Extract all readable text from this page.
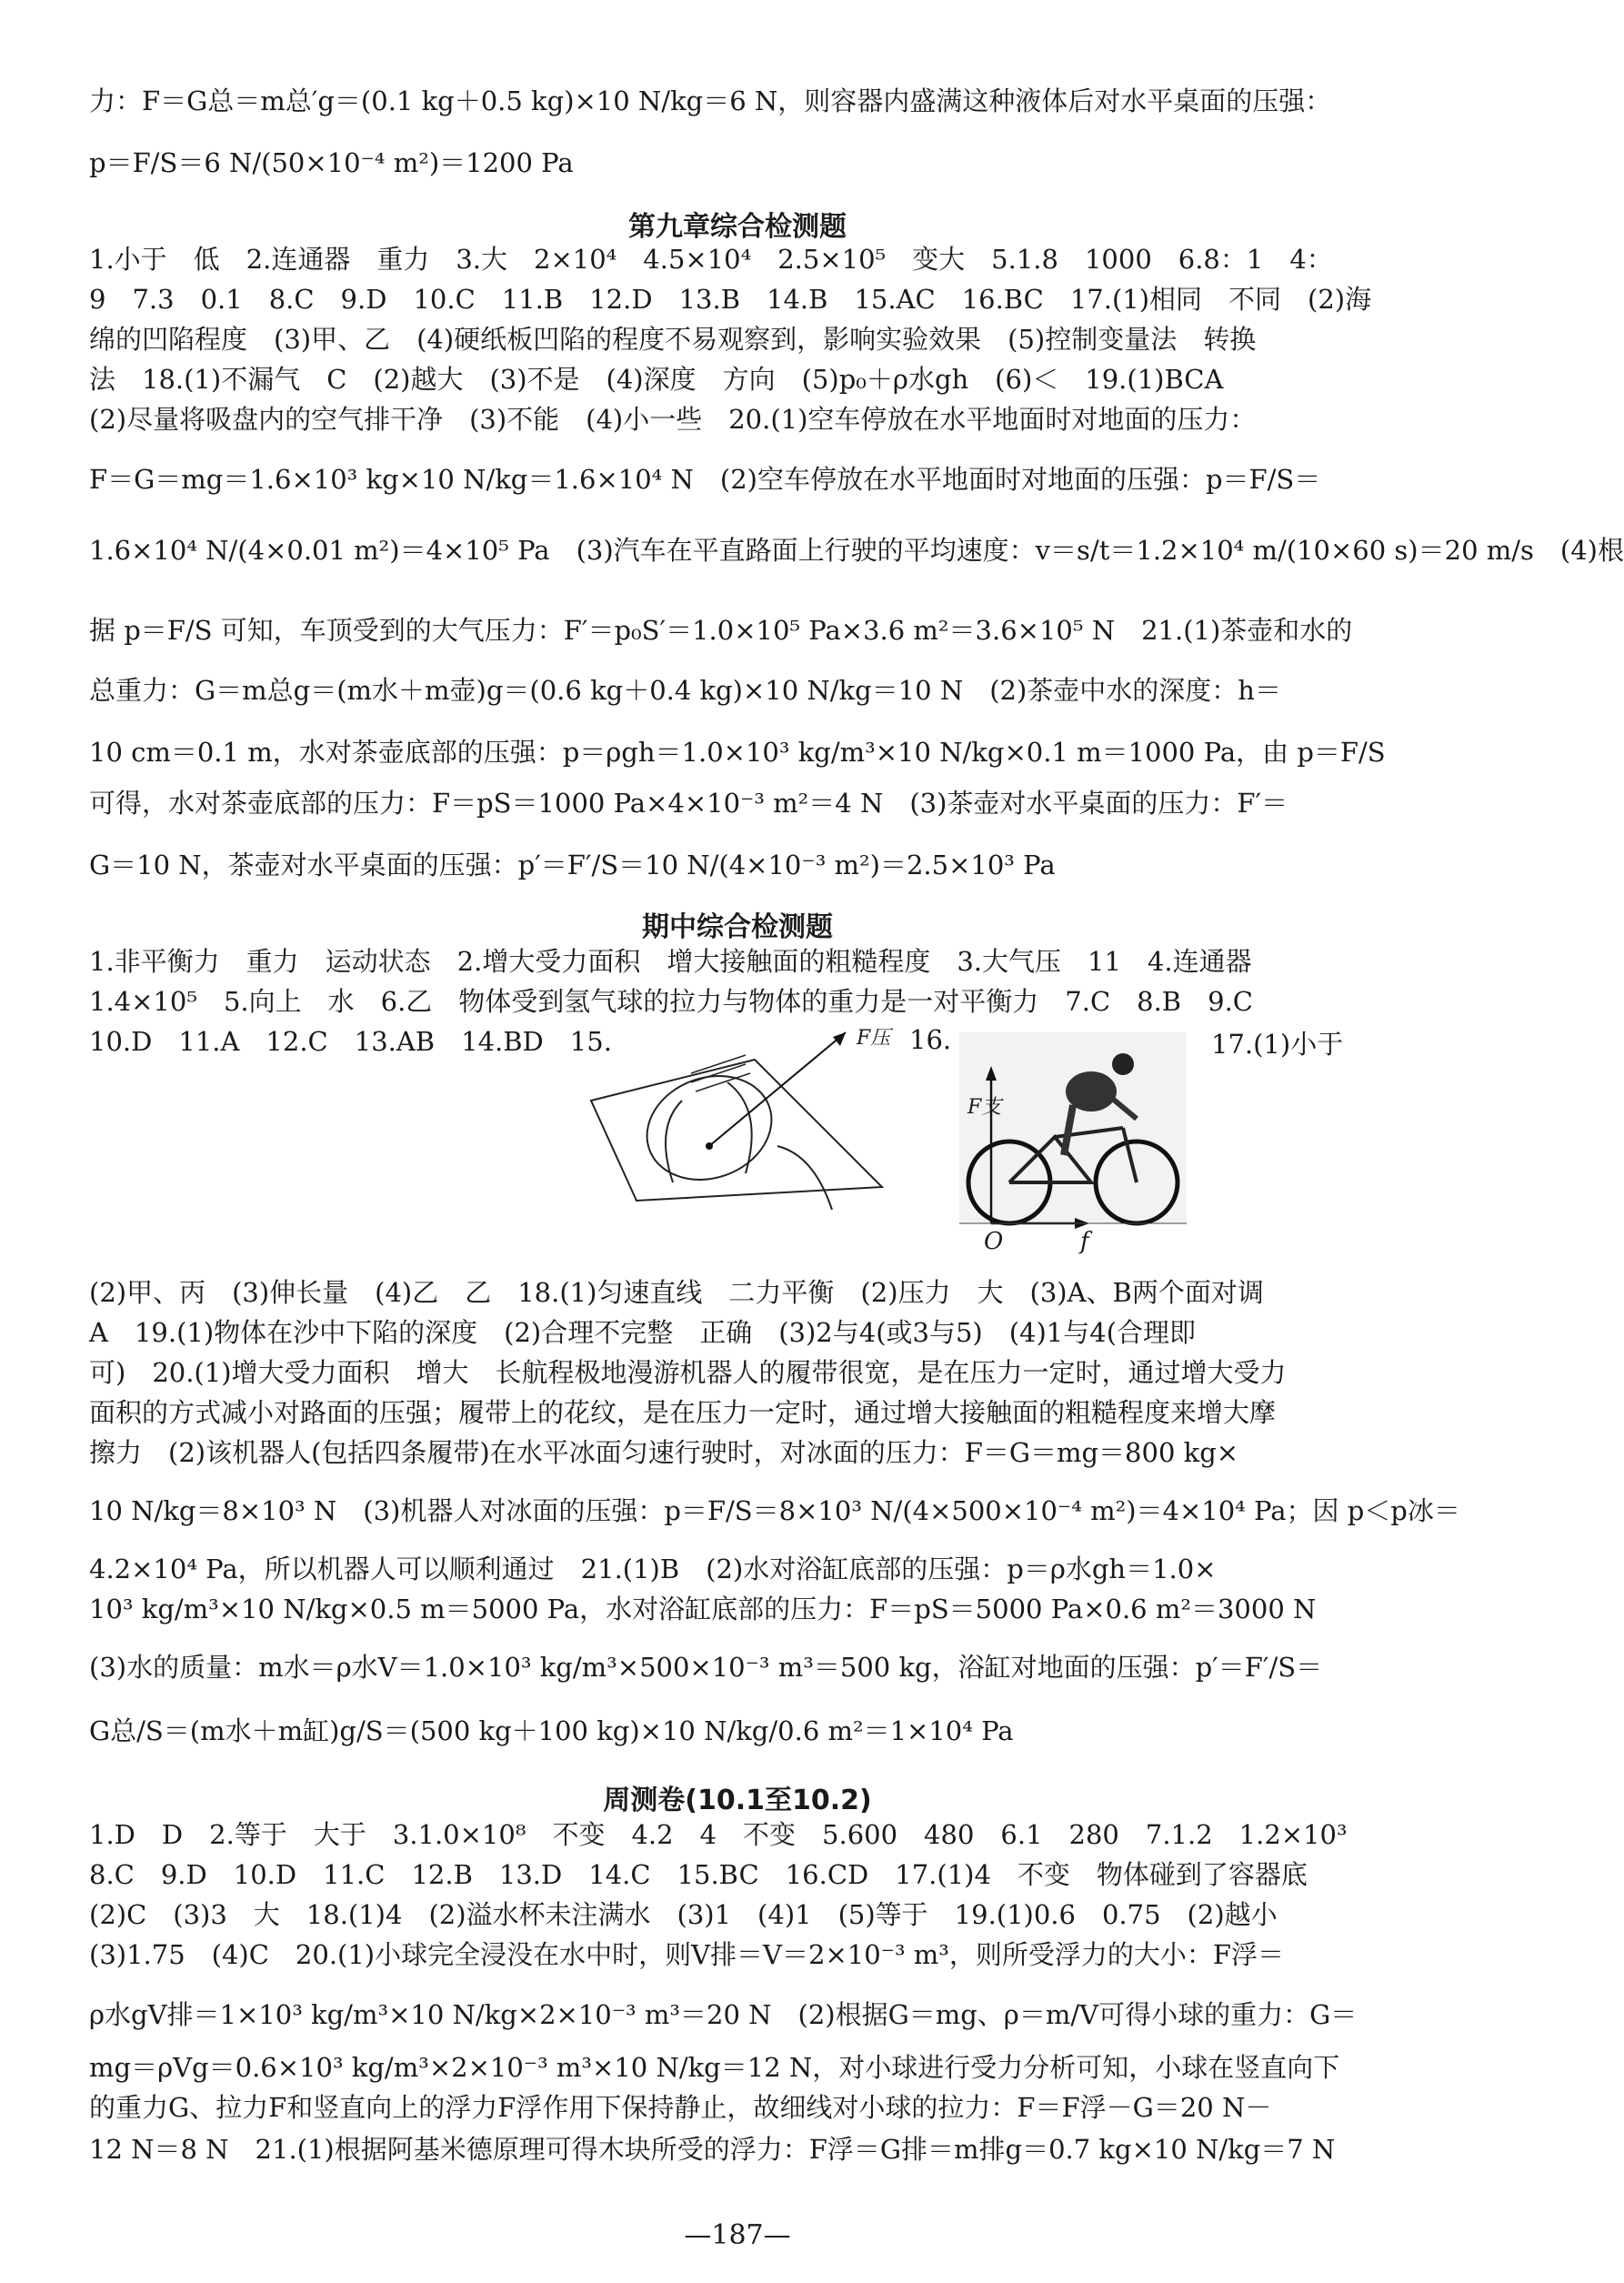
力：F＝G总＝m总′g＝(0.1 kg＋0.5 kg)×10 N/kg＝6 N，则容器内盛满这种液体后对水平桌面的压强：
p＝F/S＝6 N/(50×10⁻⁴ m²)＝1200 Pa
第九章综合检测题
1.小于　低　2.连通器　重力　3.大　2×10⁴　4.5×10⁴　2.5×10⁵　变大　5.1.8　1000　6.8：1　4：
9　7.3　0.1　8.C　9.D　10.C　11.B　12.D　13.B　14.B　15.AC　16.BC　17.(1)相同　不同　(2)海
绵的凹陷程度　(3)甲、乙　(4)硬纸板凹陷的程度不易观察到，影响实验效果　(5)控制变量法　转换
法　18.(1)不漏气　C　(2)越大　(3)不是　(4)深度　方向　(5)p₀＋ρ水gh　(6)＜　19.(1)BCA
(2)尽量将吸盘内的空气排干净　(3)不能　(4)小一些　20.(1)空车停放在水平地面时对地面的压力：
F＝G＝mg＝1.6×10³ kg×10 N/kg＝1.6×10⁴ N　(2)空车停放在水平地面时对地面的压强：p＝F/S＝
1.6×10⁴ N/(4×0.01 m²)＝4×10⁵ Pa　(3)汽车在平直路面上行驶的平均速度：v＝s/t＝1.2×10⁴ m/(10×60 s)＝20 m/s　(4)根
据 p＝F/S 可知，车顶受到的大气压力：F′＝p₀S′＝1.0×10⁵ Pa×3.6 m²＝3.6×10⁵ N　21.(1)茶壶和水的
总重力：G＝m总g＝(m水＋m壶)g＝(0.6 kg＋0.4 kg)×10 N/kg＝10 N　(2)茶壶中水的深度：h＝
10 cm＝0.1 m，水对茶壶底部的压强：p＝ρgh＝1.0×10³ kg/m³×10 N/kg×0.1 m＝1000 Pa，由 p＝F/S
可得，水对茶壶底部的压力：F＝pS＝1000 Pa×4×10⁻³ m²＝4 N　(3)茶壶对水平桌面的压力：F′＝
G＝10 N，茶壶对水平桌面的压强：p′＝F′/S＝10 N/(4×10⁻³ m²)＝2.5×10³ Pa
期中综合检测题
1.非平衡力　重力　运动状态　2.增大受力面积　增大接触面的粗糙程度　3.大气压　11　4.连通器
1.4×10⁵　5.向上　水　6.乙　物体受到氢气球的拉力与物体的重力是一对平衡力　7.C　8.B　9.C
10.D　11.A　12.C　13.AB　14.BD　15.	F压 16.
F支
O	f
17.(1)小于
(2)甲、丙　(3)伸长量　(4)乙　乙　18.(1)匀速直线　二力平衡　(2)压力　大　(3)A、B两个面对调
A　19.(1)物体在沙中下陷的深度　(2)合理不完整　正确　(3)2与4(或3与5)　(4)1与4(合理即
可)　20.(1)增大受力面积　增大　长航程极地漫游机器人的履带很宽，是在压力一定时，通过增大受力
面积的方式减小对路面的压强；履带上的花纹，是在压力一定时，通过增大接触面的粗糙程度来增大摩
擦力　(2)该机器人(包括四条履带)在水平冰面匀速行驶时，对冰面的压力：F＝G＝mg＝800 kg×
10 N/kg＝8×10³ N　(3)机器人对冰面的压强：p＝F/S＝8×10³ N/(4×500×10⁻⁴ m²)＝4×10⁴ Pa；因 p＜p冰＝
4.2×10⁴ Pa，所以机器人可以顺利通过　21.(1)B　(2)水对浴缸底部的压强：p＝ρ水gh＝1.0×
10³ kg/m³×10 N/kg×0.5 m＝5000 Pa，水对浴缸底部的压力：F＝pS＝5000 Pa×0.6 m²＝3000 N
(3)水的质量：m水＝ρ水V＝1.0×10³ kg/m³×500×10⁻³ m³＝500 kg，浴缸对地面的压强：p′＝F′/S＝
G总/S＝(m水＋m缸)g/S＝(500 kg＋100 kg)×10 N/kg/0.6 m²＝1×10⁴ Pa
周测卷(10.1至10.2)
1.D　D　2.等于　大于　3.1.0×10⁸　不变　4.2　4　不变　5.600　480　6.1　280　7.1.2　1.2×10³
8.C　9.D　10.D　11.C　12.B　13.D　14.C　15.BC　16.CD　17.(1)4　不变　物体碰到了容器底
(2)C　(3)3　大　18.(1)4　(2)溢水杯未注满水　(3)1　(4)1　(5)等于　19.(1)0.6　0.75　(2)越小
(3)1.75　(4)C　20.(1)小球完全浸没在水中时，则V排＝V＝2×10⁻³ m³，则所受浮力的大小：F浮＝
ρ水gV排＝1×10³ kg/m³×10 N/kg×2×10⁻³ m³＝20 N　(2)根据G＝mg、ρ＝m/V可得小球的重力：G＝
mg＝ρVg＝0.6×10³ kg/m³×2×10⁻³ m³×10 N/kg＝12 N，对小球进行受力分析可知，小球在竖直向下
的重力G、拉力F和竖直向上的浮力F浮作用下保持静止，故细线对小球的拉力：F＝F浮－G＝20 N－
12 N＝8 N　21.(1)根据阿基米德原理可得木块所受的浮力：F浮＝G排＝m排g＝0.7 kg×10 N/kg＝7 N
—187—
